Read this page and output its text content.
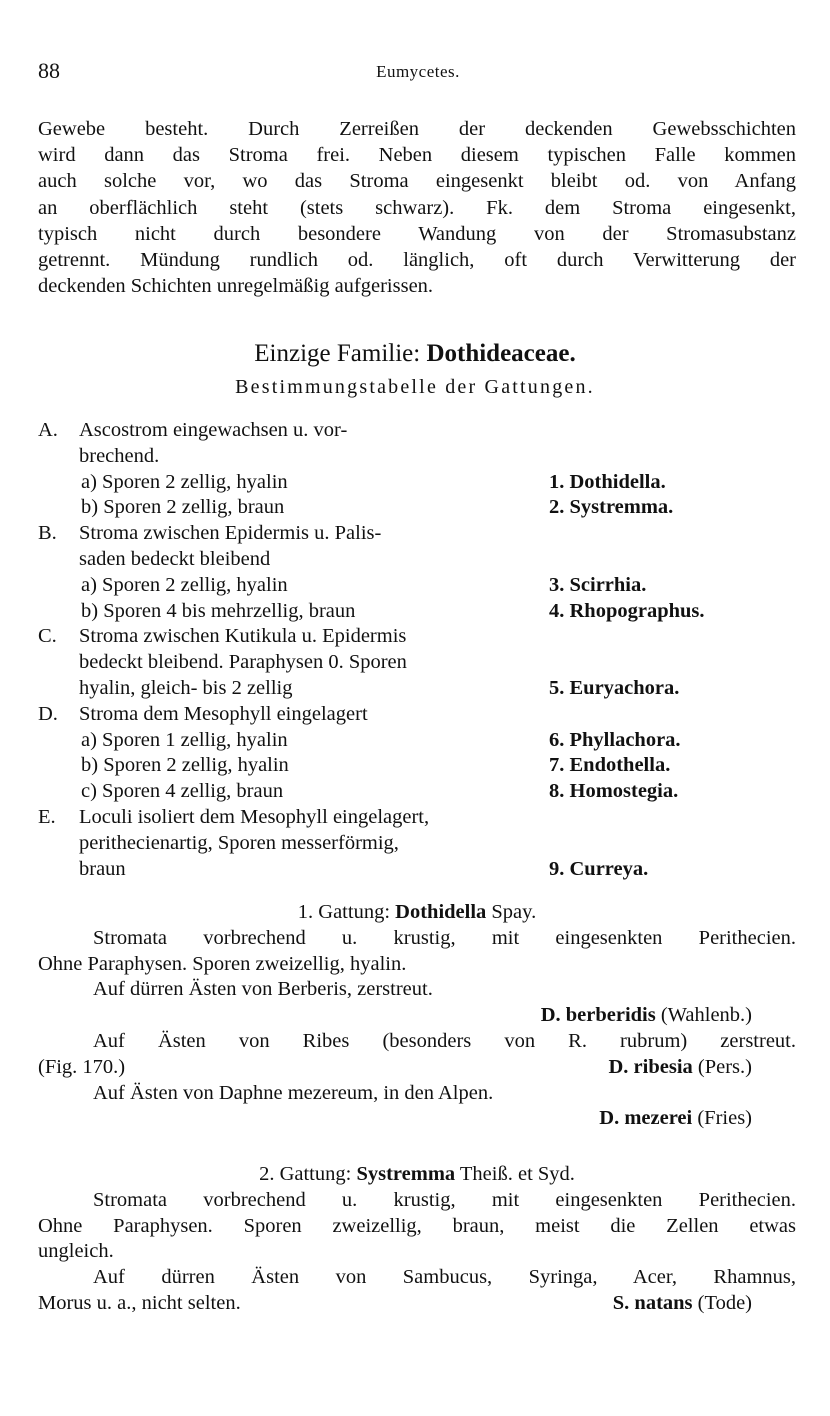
88	Eumycetes.
Gewebe besteht. Durch Zerreißen der deckenden Gewebsschichten
wird dann das Stroma frei. Neben diesem typischen Falle kommen
auch solche vor, wo das Stroma eingesenkt bleibt od. von Anfang
an oberflächlich steht (stets schwarz). Fk. dem Stroma eingesenkt,
typisch nicht durch besondere Wandung von der Stromasubstanz
getrennt. Mündung rundlich od. länglich, oft durch Verwitterung der
deckenden Schichten unregelmäßig aufgerissen.
Einzige Familie: Dothideaceae.
Bestimmungstabelle der Gattungen.
A. Ascostrom eingewachsen u. vor-
brechend.
a) Sporen 2 zellig, hyalin	1. Dothidella.
b) Sporen 2 zellig, braun	2. Systremma.
B. Stroma zwischen Epidermis u. Palis-
saden bedeckt bleibend
a) Sporen 2 zellig, hyalin	3. Scirrhia.
b) Sporen 4 bis mehrzellig, braun	4. Rhopographus.
C. Stroma zwischen Kutikula u. Epidermis
bedeckt bleibend. Paraphysen 0. Sporen
hyalin, gleich- bis 2 zellig	5. Euryachora.
D. Stroma dem Mesophyll eingelagert
a) Sporen 1 zellig, hyalin	6. Phyllachora.
b) Sporen 2 zellig, hyalin	7. Endothella.
c) Sporen 4 zellig, braun	8. Homostegia.
E. Loculi isoliert dem Mesophyll eingelagert,
perithecienartig, Sporen messerförmig,
braun	9. Curreya.
1. Gattung: Dothidella Spay.
Stromata vorbrechend u. krustig, mit eingesenkten Perithecien.
Ohne Paraphysen. Sporen zweizellig, hyalin.
Auf dürren Ästen von Berberis, zerstreut.
D. berberidis (Wahlenb.)
Auf Ästen von Ribes (besonders von R. rubrum) zerstreut.
(Fig. 170.)	D. ribesia (Pers.)
Auf Ästen von Daphne mezereum, in den Alpen.
D. mezerei (Fries)
2. Gattung: Systremma Theiß. et Syd.
Stromata vorbrechend u. krustig, mit eingesenkten Perithecien.
Ohne Paraphysen. Sporen zweizellig, braun, meist die Zellen etwas
ungleich.
Auf dürren Ästen von Sambucus, Syringa, Acer, Rhamnus,
Morus u. a., nicht selten.	S. natans (Tode)
